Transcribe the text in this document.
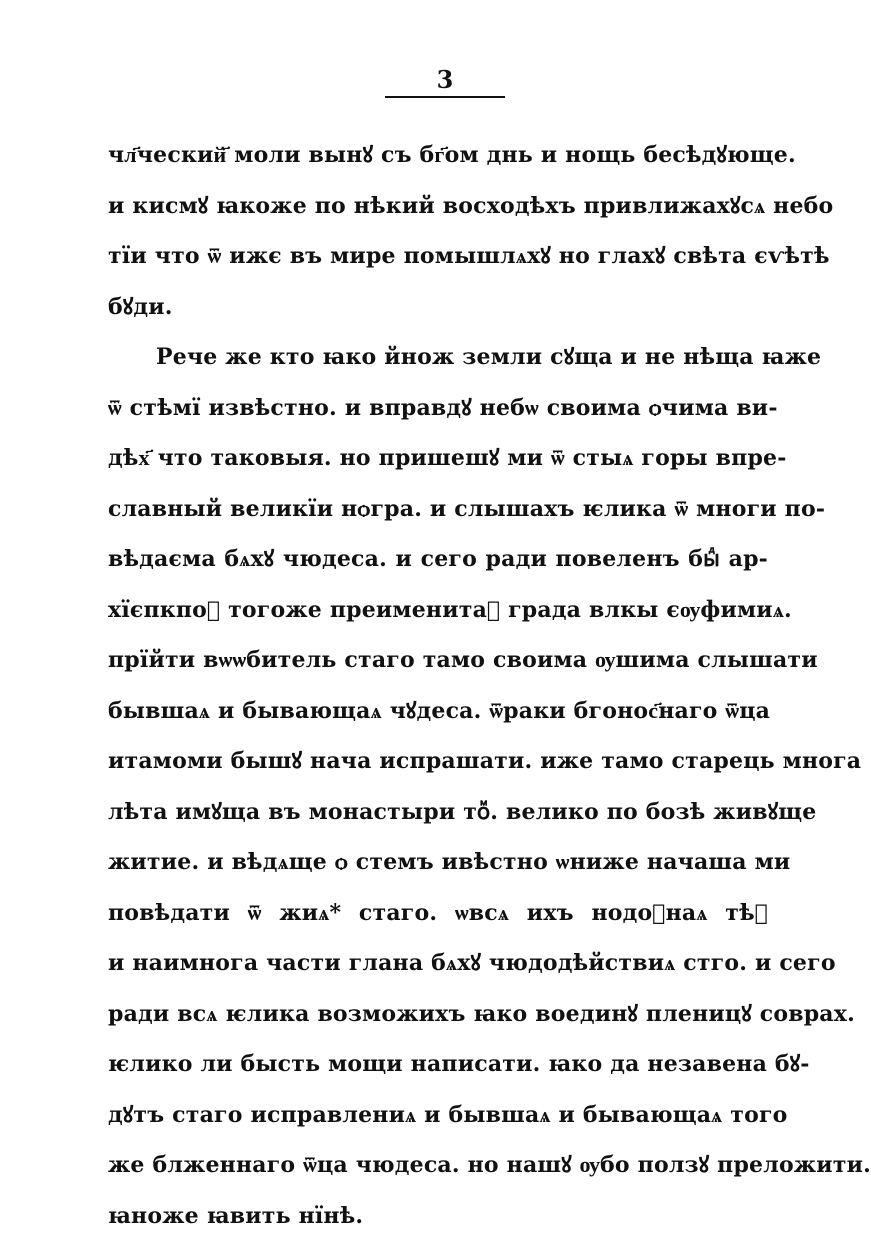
3
чл҃ческий҃ моли вынꙋ съ бг҃ом днь и нощь бесѣдꙋюще.
и кисмꙋ ꙗкоже по нѣкий восходѣхъ привлижахꙋсѧ небо
тїи что ѿ ижє въ мире помышлѧхꙋ но глахꙋ свѣта єѵѣтѣ
бꙋди.
Рече же кто ꙗко йнож земли сꙋща и не нѣща ꙗже
ѿ стѣмї извѣстно. и вправдꙋ небѡ своима ѻчима ви-
дѣх҃ что таковыя. но пришешꙋ ми ѿ стыѧ горы впре-
славный великїи нѻгра. и слышахъ ѥлика ѿ многи по-
вѣдаєма бѧхꙋ чюдеса. и сего ради повеленъ быⷣ ар-
хїєпкпоⷣ тогоже преименитаⷢ града влкы єѹфимиѧ.
прїйти вѡѡбитель стаго тамо своима ѹшима слышати
бывшаѧ и бывающаѧ чꙋдеса. ѿраки бгонос҃наго ѿца
итамоми бышꙋ нача испрашати. иже тамо старець многа
лѣта имꙋща въ монастыри тоⷨ. велико по бозѣ живꙋще
житие. и вѣдѧще ѻ стемъ ивѣстно ѡниже начаша ми
повѣдати ѿ жиѧ* стаго. ѡвсѧ ихъ нодоⷠнаѧ тѣⷨ
и наимнога части глана бѧхꙋ чюдодѣйствиѧ стго. и сего
ради всѧ ѥлика возможихъ ꙗко воединꙋ пленицꙋ соврах.
ѥлико ли бысть мощи написати. ꙗко да незавена бꙋ-
дꙋтъ стаго исправлениѧ и бывшаѧ и бывающаѧ того
же блженнаго ѿца чюдеса. но нашꙋ ѹбо ползꙋ преложити.
ꙗноже ꙗвить нїнѣ.
